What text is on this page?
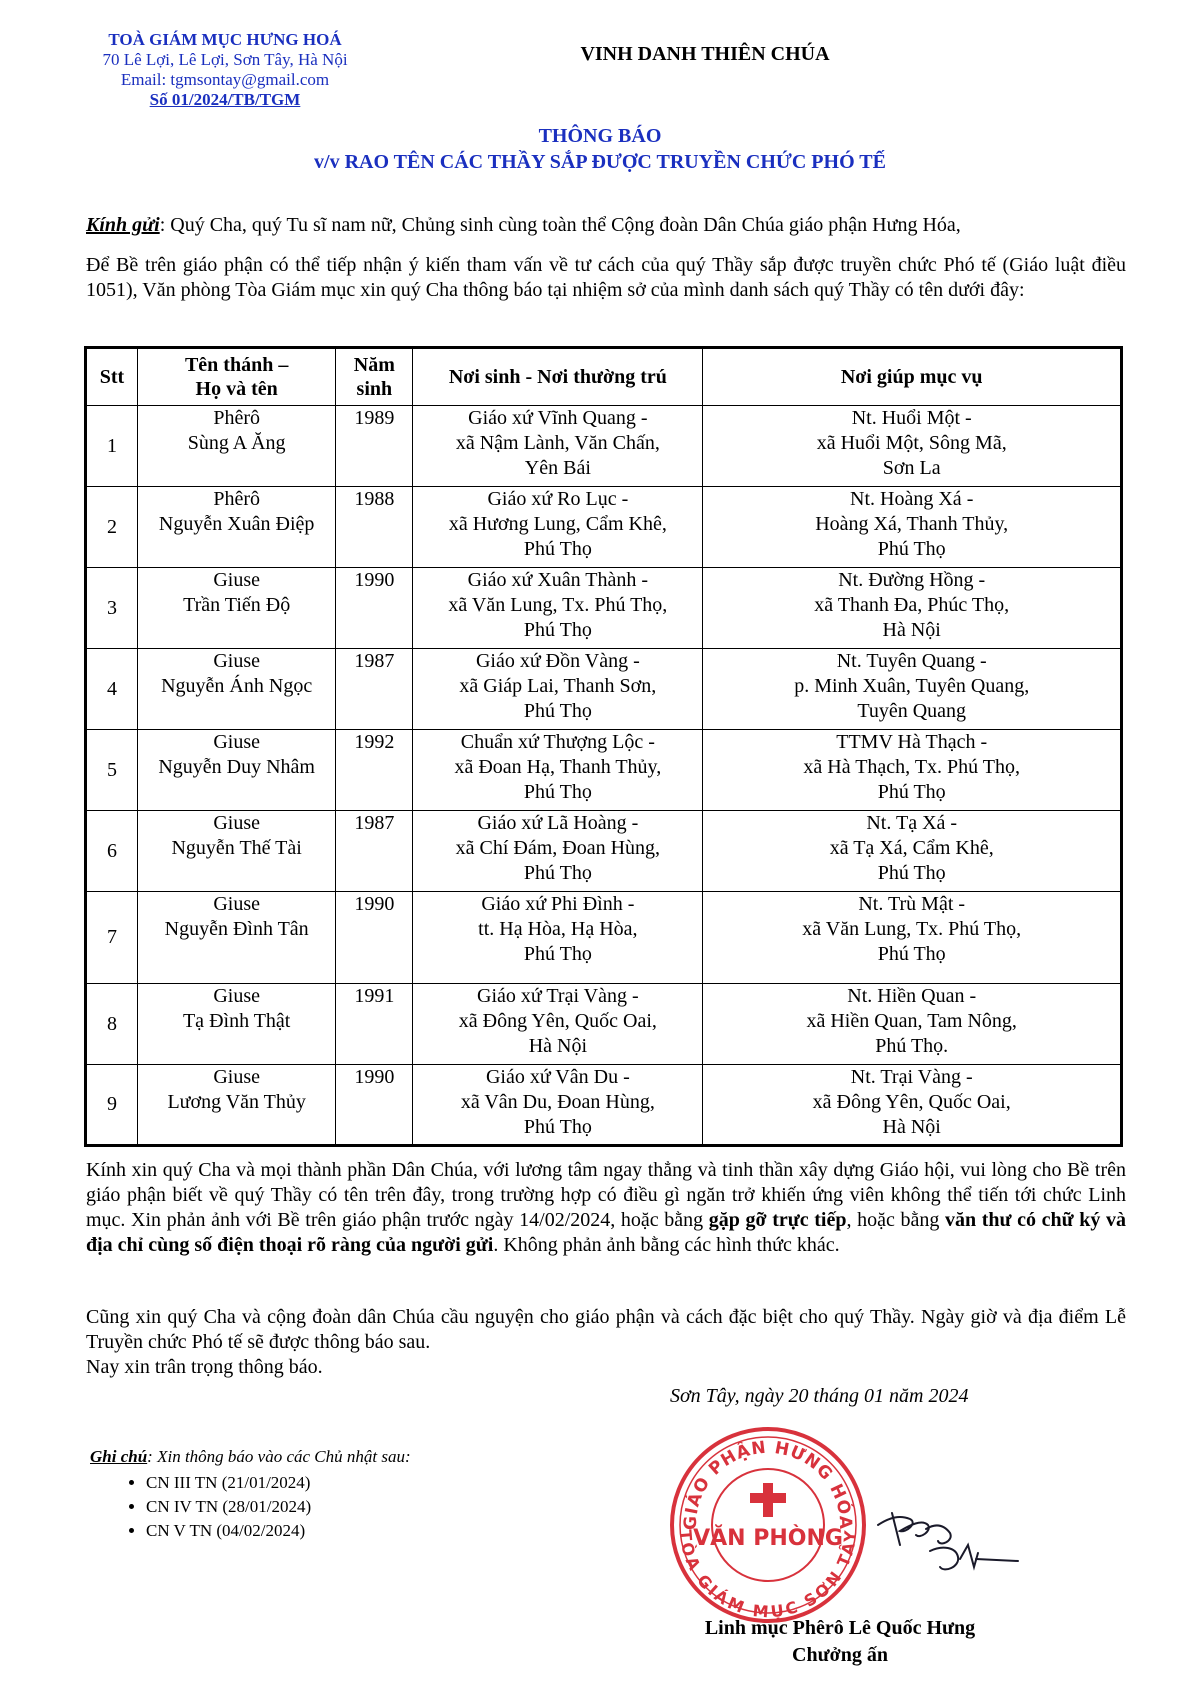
TOÀ GIÁM MỤC HƯNG HOÁ
70 Lê Lợi, Lê Lợi, Sơn Tây, Hà Nội
Email: tgmsontay@gmail.com
Số 01/2024/TB/TGM
VINH DANH THIÊN CHÚA
THÔNG BÁO
v/v RAO TÊN CÁC THẦY SẮP ĐƯỢC TRUYỀN CHỨC PHÓ TẾ
Kính gửi: Quý Cha, quý Tu sĩ nam nữ, Chủng sinh cùng toàn thể Cộng đoàn Dân Chúa giáo phận Hưng Hóa,
Để Bề trên giáo phận có thể tiếp nhận ý kiến tham vấn về tư cách của quý Thầy sắp được truyền chức Phó tế (Giáo luật điều 1051), Văn phòng Tòa Giám mục xin quý Cha thông báo tại nhiệm sở của mình danh sách quý Thầy có tên dưới đây:
Stt	Tên thánh –
Họ và tên	Năm
sinh	Nơi sinh - Nơi thường trú	Nơi giúp mục vụ
1	Phêrô
Sùng A Ăng	1989	Giáo xứ Vĩnh Quang -
xã Nậm Lành, Văn Chấn,
Yên Bái	Nt. Huổi Một -
xã Huổi Một, Sông Mã,
Sơn La

2	Phêrô
Nguyễn Xuân Điệp	1988	Giáo xứ Ro Lục -
xã Hương Lung, Cẩm Khê,
Phú Thọ	Nt. Hoàng Xá -
Hoàng Xá, Thanh Thủy,
Phú Thọ

3	Giuse
Trần Tiến Độ	1990	Giáo xứ Xuân Thành -
xã Văn Lung, Tx. Phú Thọ,
Phú Thọ	Nt. Đường Hồng -
xã Thanh Đa, Phúc Thọ,
Hà Nội

4	Giuse
Nguyễn Ánh Ngọc	1987	Giáo xứ Đồn Vàng -
xã Giáp Lai, Thanh Sơn,
Phú Thọ	Nt. Tuyên Quang -
p. Minh Xuân, Tuyên Quang,
Tuyên Quang

5	Giuse
Nguyễn Duy Nhâm	1992	Chuẩn xứ Thượng Lộc -
xã Đoan Hạ, Thanh Thủy,
Phú Thọ	TTMV Hà Thạch -
xã Hà Thạch, Tx. Phú Thọ,
Phú Thọ

6	Giuse
Nguyễn Thế Tài	1987	Giáo xứ Lã Hoàng -
xã Chí Đám, Đoan Hùng,
Phú Thọ	Nt. Tạ Xá -
xã Tạ Xá, Cẩm Khê,
Phú Thọ

7	Giuse
Nguyễn Đình Tân	1990	Giáo xứ Phi Đình -
tt. Hạ Hòa, Hạ Hòa,
Phú Thọ	Nt. Trù Mật -
xã Văn Lung, Tx. Phú Thọ,
Phú Thọ

8	Giuse
Tạ Đình Thật	1991	Giáo xứ Trại Vàng -
xã Đông Yên, Quốc Oai,
Hà Nội	Nt. Hiền Quan -
xã Hiền Quan, Tam Nông,
Phú Thọ.

9	Giuse
Lương Văn Thủy	1990	Giáo xứ Vân Du -
xã Vân Du, Đoan Hùng,
Phú Thọ	Nt. Trại Vàng -
xã Đông Yên, Quốc Oai,
Hà Nội
Kính xin quý Cha và mọi thành phần Dân Chúa, với lương tâm ngay thẳng và tinh thần xây dựng Giáo hội, vui lòng cho Bề trên giáo phận biết về quý Thầy có tên trên đây, trong trường hợp có điều gì ngăn trở khiến ứng viên không thể tiến tới chức Linh mục. Xin phản ảnh với Bề trên giáo phận trước ngày 14/02/2024, hoặc bằng gặp gỡ trực tiếp, hoặc bằng văn thư có chữ ký và địa chỉ cùng số điện thoại rõ ràng của người gửi. Không phản ảnh bằng các hình thức khác.
Cũng xin quý Cha và cộng đoàn dân Chúa cầu nguyện cho giáo phận và cách đặc biệt cho quý Thầy. Ngày giờ và địa điểm Lễ Truyền chức Phó tế sẽ được thông báo sau.
Nay xin trân trọng thông báo.
Sơn Tây, ngày 20 tháng 01 năm 2024
Ghi chú: Xin thông báo vào các Chủ nhật sau:
• CN III TN (21/01/2024)
• CN IV TN (28/01/2024)
• CN V TN (04/02/2024)	GIÁO PHẬN HƯNG HÓA
TÒA GIÁM MỤC SƠN TÂY
VĂN PHÒNG
Linh mục Phêrô Lê Quốc Hưng
Chưởng ấn
